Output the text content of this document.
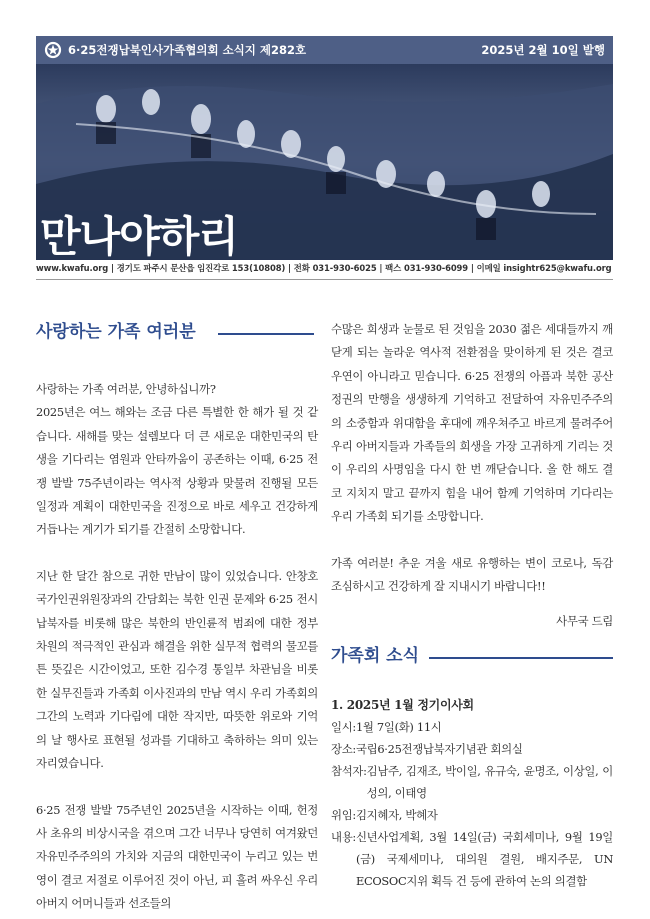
6·25전쟁납북인사가족협의회 소식지 제282호	2025년 2월 10일 발행
만나야하리
www.kwafu.org | 경기도 파주시 문산읍 임진각로 153(10808) | 전화 031-930-6025 | 팩스 031-930-6099 | 이메일 insightr625@kwafu.org
사랑하는 가족 여러분

사랑하는 가족 여러분, 안녕하십니까?
2025년은 여느 해와는 조금 다른 특별한 한 해가 될 것 같습니다. 새해를 맞는 설렘보다 더 큰 새로운 대한민국의 탄생을 기다리는 염원과 안타까움이 공존하는 이때, 6·25 전쟁 발발 75주년이라는 역사적 상황과 맞물려 진행될 모든 일정과 계획이 대한민국을 진정으로 바로 세우고 건강하게 거듭나는 계기가 되기를 간절히 소망합니다.

지난 한 달간 참으로 귀한 만남이 많이 있었습니다. 안창호 국가인권위원장과의 간담회는 북한 인권 문제와 6·25 전시 납북자를 비롯해 많은 북한의 반인륜적 범죄에 대한 정부 차원의 적극적인 관심과 해결을 위한 실무적 협력의 물꼬를 튼 뜻깊은 시간이었고, 또한 김수경 통일부 차관님을 비롯한 실무진들과 가족회 이사진과의 만남 역시 우리 가족회의 그간의 노력과 기다림에 대한 작지만, 따뜻한 위로와 기억의 날 행사로 표현될 성과를 기대하고 축하하는 의미 있는 자리였습니다.

6·25 전쟁 발발 75주년인 2025년을 시작하는 이때, 헌정사 초유의 비상시국을 겪으며 그간 너무나 당연히 여겨왔던 자유민주주의의 가치와 지금의 대한민국이 누리고 있는 번영이 결코 저절로 이루어진 것이 아닌, 피 흘려 싸우신 우리 아버지 어머니들과 선조들의

수많은 희생과 눈물로 된 것임을 2030 젊은 세대들까지 깨닫게 되는 놀라운 역사적 전환점을 맞이하게 된 것은 결코 우연이 아니라고 믿습니다. 6·25 전쟁의 아픔과 북한 공산정권의 만행을 생생하게 기억하고 전달하여 자유민주주의의 소중함과 위대함을 후대에 깨우쳐주고 바르게 물려주어 우리 아버지들과 가족들의 희생을 가장 고귀하게 기리는 것이 우리의 사명임을 다시 한 번 깨닫습니다. 올 한 해도 결코 지치지 말고 끝까지 힘을 내어 함께 기억하며 기다리는 우리 가족회 되기를 소망합니다.

가족 여러분! 추운 겨울 새로 유행하는 변이 코로나, 독감 조심하시고 건강하게 잘 지내시기 바랍니다!!

사무국 드림

가족회 소식

1. 2025년 1월 정기이사회

일시: 1월 7일(화) 11시
장소: 국립6·25전쟁납북자기념관 회의실
참석자: 김남주, 김재조, 박이일, 유규숙, 윤명조, 이상일, 이성의, 이태영
위임: 김지혜자, 박혜자
내용: 신년사업계획, 3월 14일(금) 국회세미나, 9월 19일(금) 국제세미나, 대의원 결원, 배지주문, UN ECOSOC지위 획득 건 등에 관하여 논의 의결함
